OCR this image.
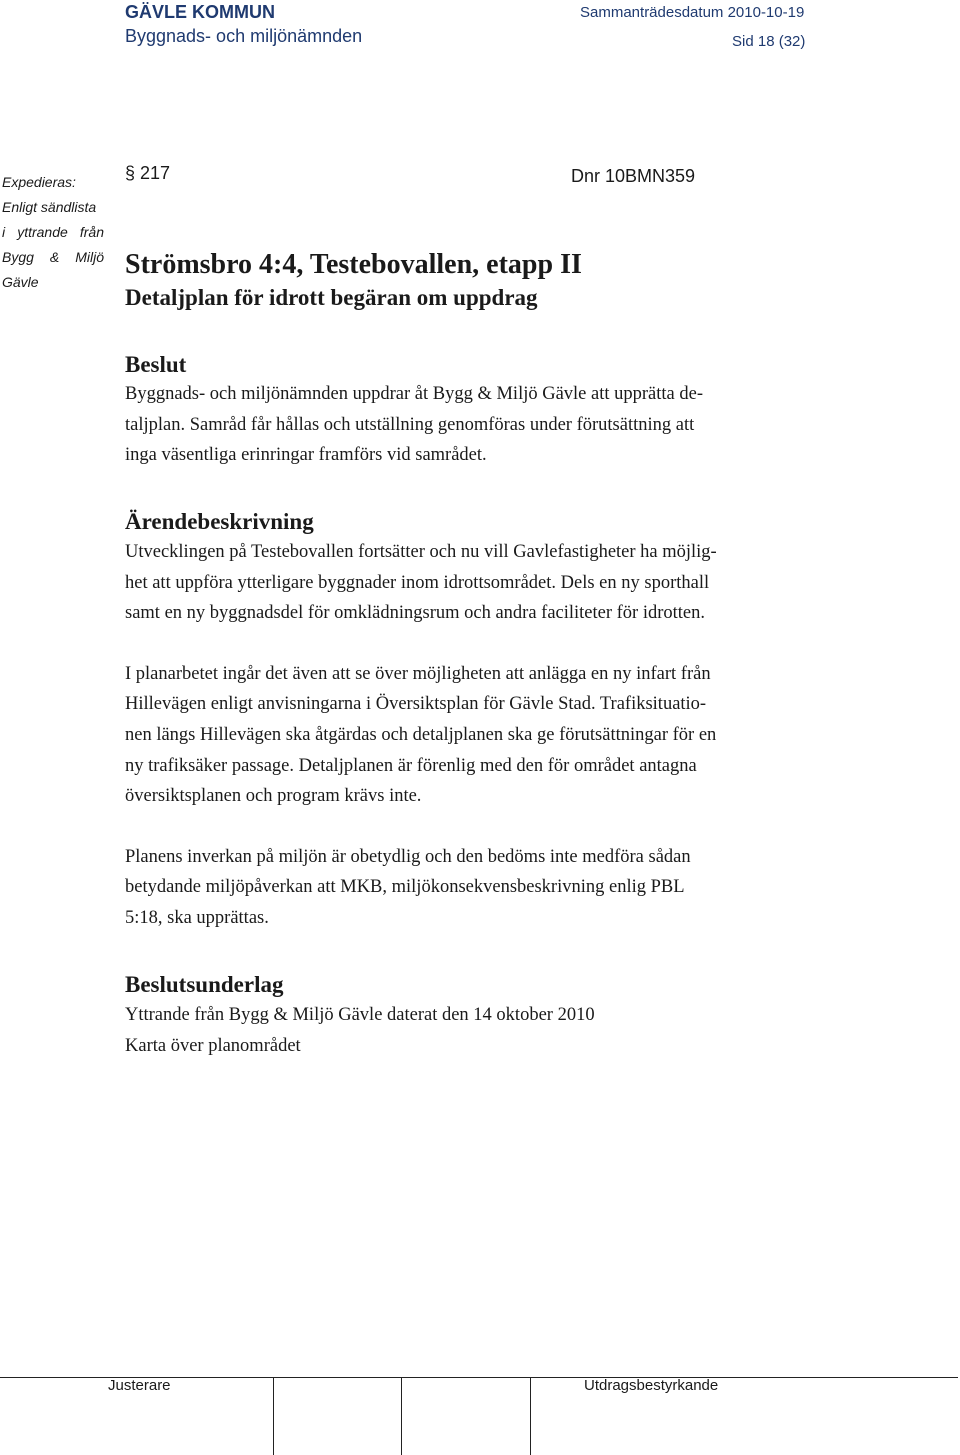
GÄVLE KOMMUN
Byggnads- och miljönämnden
Sammanträdesdatum 2010-10-19
Sid 18 (32)
Expedieras:
Enligt sändlista
i yttrande från
Bygg & Miljö
Gävle
§ 217	Dnr 10BMN359
Strömsbro 4:4, Testebovallen, etapp II
Detaljplan för idrott begäran om uppdrag
Beslut
Byggnads- och miljönämnden uppdrar åt Bygg & Miljö Gävle att upprätta de-
taljplan. Samråd får hållas och utställning genomföras under förutsättning att
inga väsentliga erinringar framförs vid samrådet.
Ärendebeskrivning
Utvecklingen på Testebovallen fortsätter och nu vill Gavlefastigheter ha möjlig-
het att uppföra ytterligare byggnader inom idrottsområdet. Dels en ny sporthall
samt en ny byggnadsdel för omklädningsrum och andra faciliteter för idrotten.
I planarbetet ingår det även att se över möjligheten att anlägga en ny infart från
Hillevägen enligt anvisningarna i Översiktsplan för Gävle Stad. Trafiksituatio-
nen längs Hillevägen ska åtgärdas och detaljplanen ska ge förutsättningar för en
ny trafiksäker passage. Detaljplanen är förenlig med den för området antagna
översiktsplanen och program krävs inte.
Planens inverkan på miljön är obetydlig och den bedöms inte medföra sådan
betydande miljöpåverkan att MKB, miljökonsekvensbeskrivning enlig PBL
5:18, ska upprättas.
Beslutsunderlag
Yttrande från Bygg & Miljö Gävle daterat den 14 oktober 2010
Karta över planområdet
Justerare	Utdragsbestyrkande
